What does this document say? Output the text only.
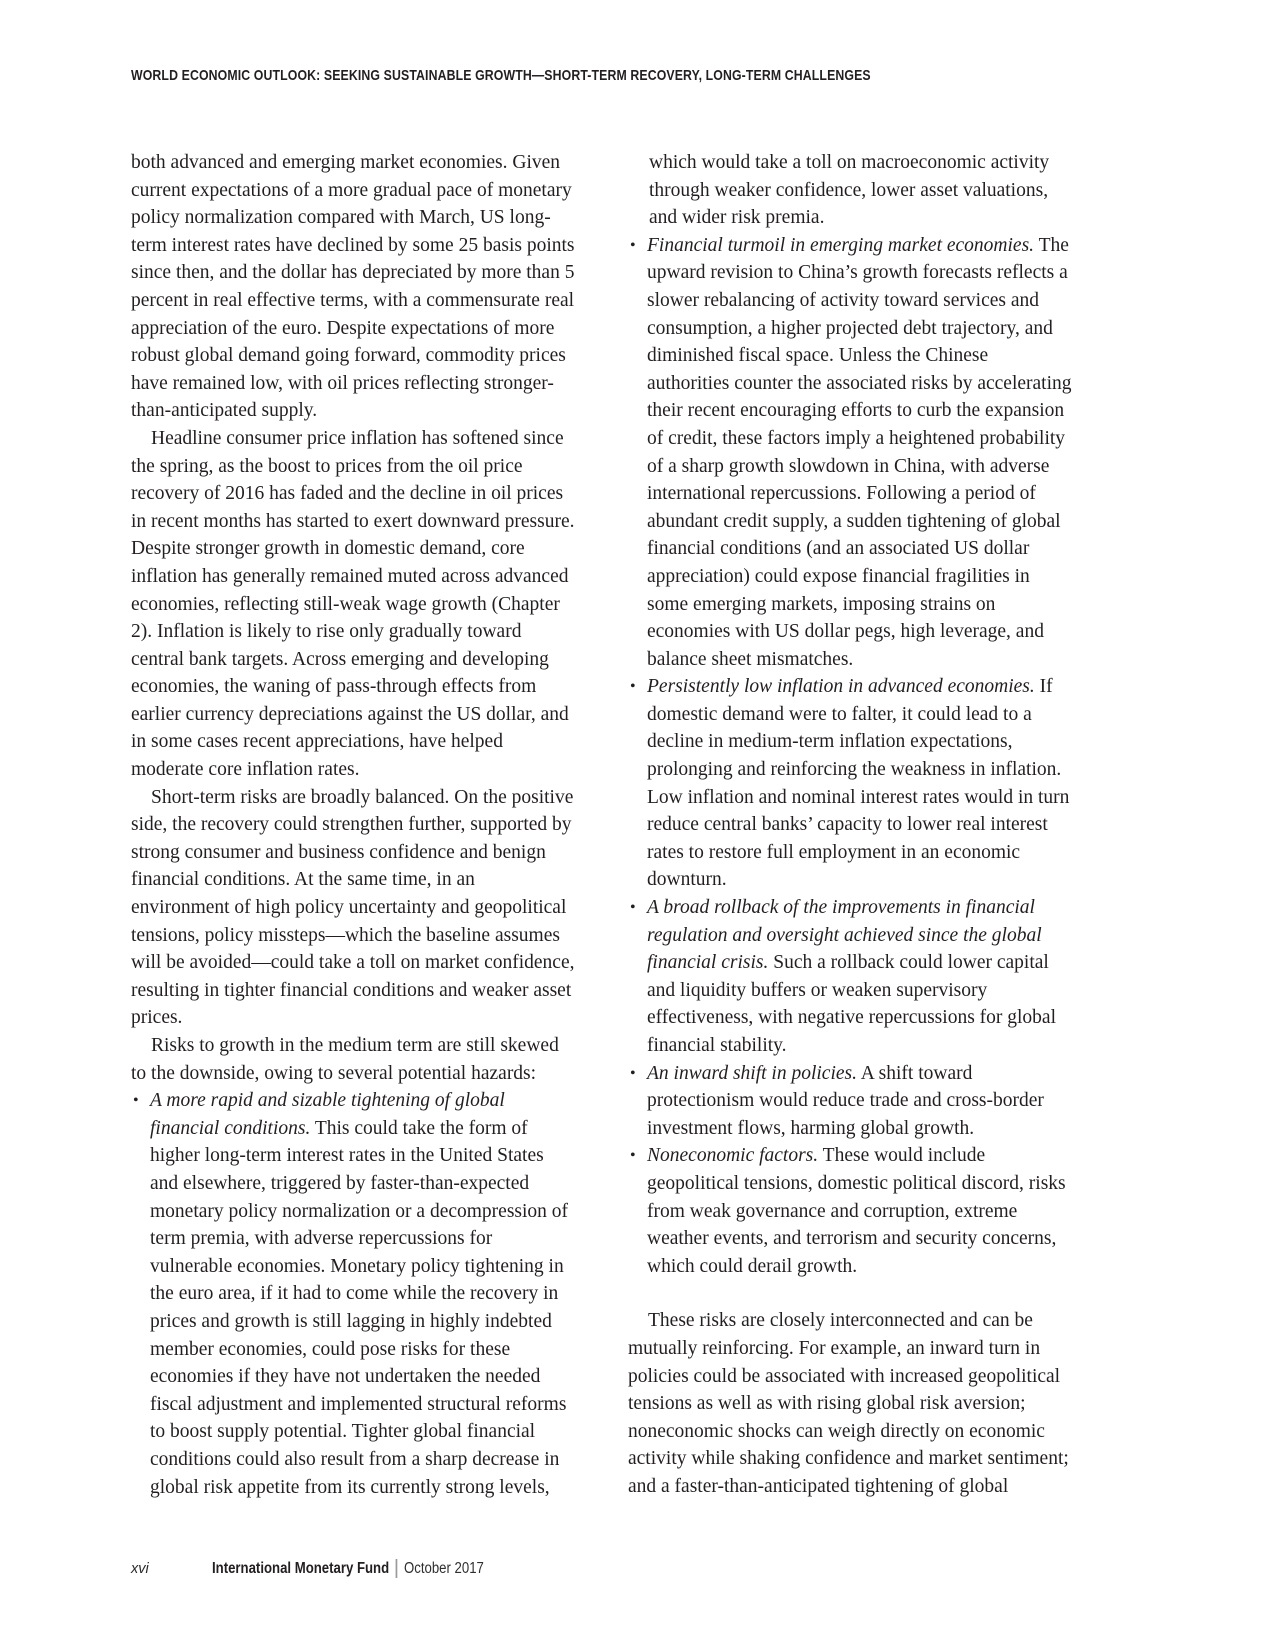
WORLD ECONOMIC OUTLOOK: SEEKING SUSTAINABLE GROWTH—SHORT-TERM RECOVERY, LONG-TERM CHALLENGES

both advanced and emerging market economies. Given current expectations of a more gradual pace of monetary policy normalization compared with March, US long-term interest rates have declined by some 25 basis points since then, and the dollar has depreciated by more than 5 percent in real effective terms, with a commensurate real appreciation of the euro. Despite expectations of more robust global demand going forward, commodity prices have remained low, with oil prices reflecting stronger-than-anticipated supply.

Headline consumer price inflation has softened since the spring, as the boost to prices from the oil price recovery of 2016 has faded and the decline in oil prices in recent months has started to exert downward pressure. Despite stronger growth in domestic demand, core inflation has generally remained muted across advanced economies, reflecting still-weak wage growth (Chapter 2). Inflation is likely to rise only gradually toward central bank targets. Across emerging and developing economies, the waning of pass-through effects from earlier currency depreciations against the US dollar, and in some cases recent appreciations, have helped moderate core inflation rates.

Short-term risks are broadly balanced. On the positive side, the recovery could strengthen further, supported by strong consumer and business confidence and benign financial conditions. At the same time, in an environment of high policy uncertainty and geopolitical tensions, policy missteps—which the baseline assumes will be avoided—could take a toll on market confidence, resulting in tighter financial conditions and weaker asset prices.

Risks to growth in the medium term are still skewed to the downside, owing to several potential hazards:

• A more rapid and sizable tightening of global financial conditions. This could take the form of higher long-term interest rates in the United States and elsewhere, triggered by faster-than-expected monetary policy normalization or a decompression of term premia, with adverse repercussions for vulnerable economies. Monetary policy tightening in the euro area, if it had to come while the recovery in prices and growth is still lagging in highly indebted member economies, could pose risks for these economies if they have not undertaken the needed fiscal adjustment and implemented structural reforms to boost supply potential. Tighter global financial conditions could also result from a sharp decrease in global risk appetite from its currently strong levels,

which would take a toll on macroeconomic activity through weaker confidence, lower asset valuations, and wider risk premia.

• Financial turmoil in emerging market economies. The upward revision to China’s growth forecasts reflects a slower rebalancing of activity toward services and consumption, a higher projected debt trajectory, and diminished fiscal space. Unless the Chinese authorities counter the associated risks by accelerating their recent encouraging efforts to curb the expansion of credit, these factors imply a heightened probability of a sharp growth slowdown in China, with adverse international repercussions. Following a period of abundant credit supply, a sudden tightening of global financial conditions (and an associated US dollar appreciation) could expose financial fragilities in some emerging markets, imposing strains on economies with US dollar pegs, high leverage, and balance sheet mismatches.
• Persistently low inflation in advanced economies. If domestic demand were to falter, it could lead to a decline in medium-term inflation expectations, prolonging and reinforcing the weakness in inflation. Low inflation and nominal interest rates would in turn reduce central banks’ capacity to lower real interest rates to restore full employment in an economic downturn.
• A broad rollback of the improvements in financial regulation and oversight achieved since the global financial crisis. Such a rollback could lower capital and liquidity buffers or weaken supervisory effectiveness, with negative repercussions for global financial stability.
• An inward shift in policies. A shift toward protectionism would reduce trade and cross-border investment flows, harming global growth.
• Noneconomic factors. These would include geopolitical tensions, domestic political discord, risks from weak governance and corruption, extreme weather events, and terrorism and security concerns, which could derail growth.

These risks are closely interconnected and can be mutually reinforcing. For example, an inward turn in policies could be associated with increased geopolitical tensions as well as with rising global risk aversion; noneconomic shocks can weigh directly on economic activity while shaking confidence and market sentiment; and a faster-than-anticipated tightening of global

xvi	International Monetary Fund October 2017
